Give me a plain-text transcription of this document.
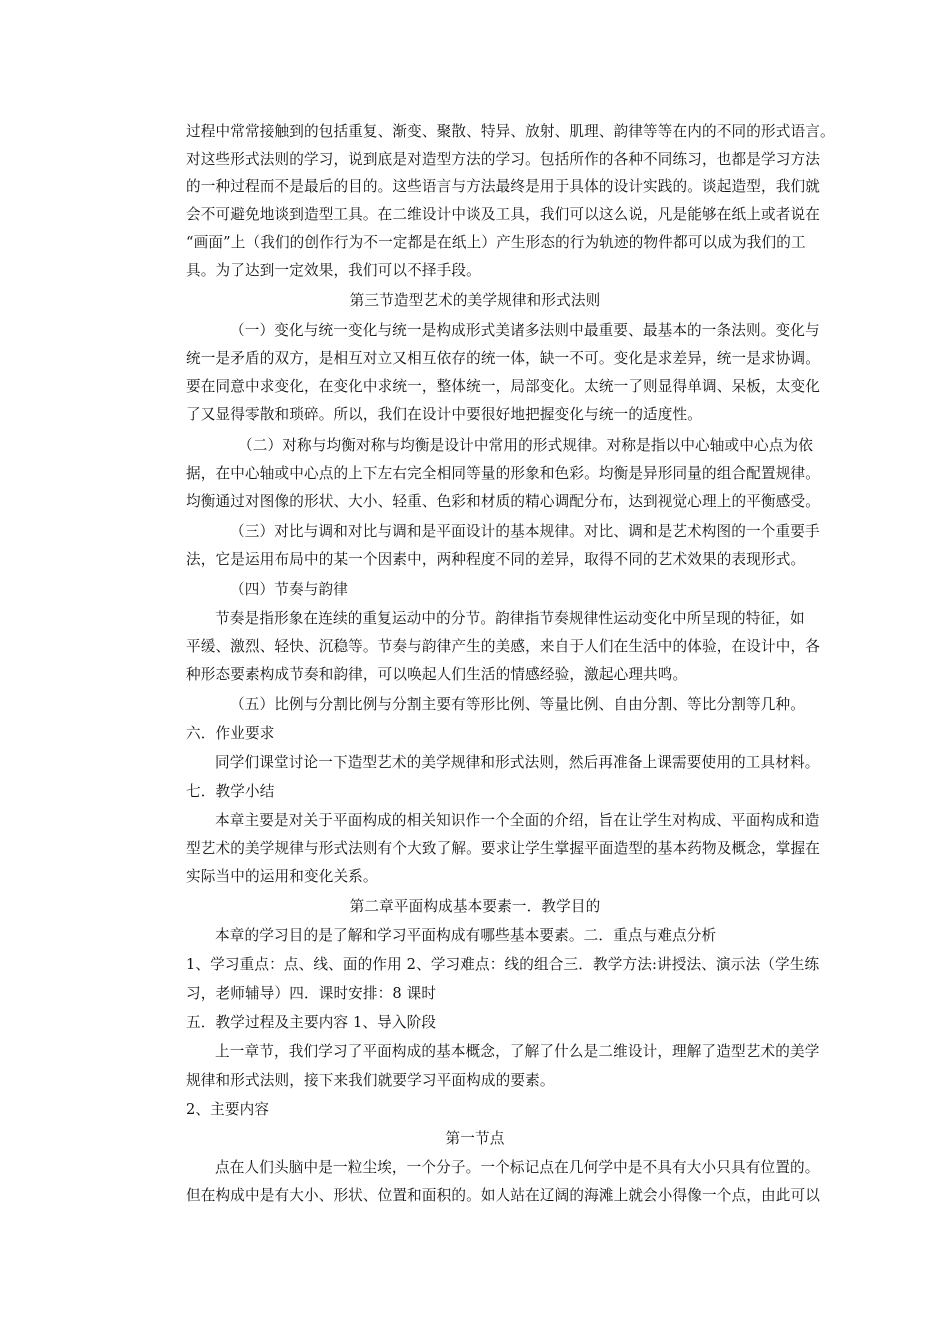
过程中常常接触到的包括重复、渐变、聚散、特异、放射、肌理、韵律等等在内的不同的形式语言。
对这些形式法则的学习，说到底是对造型方法的学习。包括所作的各种不同练习，也都是学习方法
的一种过程而不是最后的目的。这些语言与方法最终是用于具体的设计实践的。谈起造型，我们就
会不可避免地谈到造型工具。在二维设计中谈及工具，我们可以这么说，凡是能够在纸上或者说在
“画面”上（我们的创作行为不一定都是在纸上）产生形态的行为轨迹的物件都可以成为我们的工
具。为了达到一定效果，我们可以不择手段。
第三节造型艺术的美学规律和形式法则
（一）变化与统一变化与统一是构成形式美诸多法则中最重要、最基本的一条法则。变化与
统一是矛盾的双方，是相互对立又相互依存的统一体，缺一不可。变化是求差异，统一是求协调。
要在同意中求变化，在变化中求统一，整体统一，局部变化。太统一了则显得单调、呆板，太变化
了又显得零散和琐碎。所以，我们在设计中要很好地把握变化与统一的适度性。
（二）对称与均衡对称与均衡是设计中常用的形式规律。对称是指以中心轴或中心点为依
据，在中心轴或中心点的上下左右完全相同等量的形象和色彩。均衡是异形同量的组合配置规律。
均衡通过对图像的形状、大小、轻重、色彩和材质的精心调配分布，达到视觉心理上的平衡感受。
（三）对比与调和对比与调和是平面设计的基本规律。对比、调和是艺术构图的一个重要手
法，它是运用布局中的某一个因素中，两种程度不同的差异，取得不同的艺术效果的表现形式。
（四）节奏与韵律
节奏是指形象在连续的重复运动中的分节。韵律指节奏规律性运动变化中所呈现的特征，如
平缓、激烈、轻快、沉稳等。节奏与韵律产生的美感，来自于人们在生活中的体验，在设计中，各
种形态要素构成节奏和韵律，可以唤起人们生活的情感经验，激起心理共鸣。
（五）比例与分割比例与分割主要有等形比例、等量比例、自由分割、等比分割等几种。
六．作业要求
同学们课堂讨论一下造型艺术的美学规律和形式法则，然后再准备上课需要使用的工具材料。
七．教学小结
本章主要是对关于平面构成的相关知识作一个全面的介绍，旨在让学生对构成、平面构成和造
型艺术的美学规律与形式法则有个大致了解。要求让学生掌握平面造型的基本药物及概念，掌握在
实际当中的运用和变化关系。
第二章平面构成基本要素一．教学目的
本章的学习目的是了解和学习平面构成有哪些基本要素。二．重点与难点分析
1、学习重点：点、线、面的作用 2、学习难点：线的组合三．教学方法:讲授法、演示法（学生练
习，老师辅导）四．课时安排：8 课时
五．教学过程及主要内容 1、导入阶段
上一章节，我们学习了平面构成的基本概念，了解了什么是二维设计，理解了造型艺术的美学
规律和形式法则，接下来我们就要学习平面构成的要素。
2、主要内容
第一节点
点在人们头脑中是一粒尘埃，一个分子。一个标记点在几何学中是不具有大小只具有位置的。
但在构成中是有大小、形状、位置和面积的。如人站在辽阔的海滩上就会小得像一个点，由此可以
